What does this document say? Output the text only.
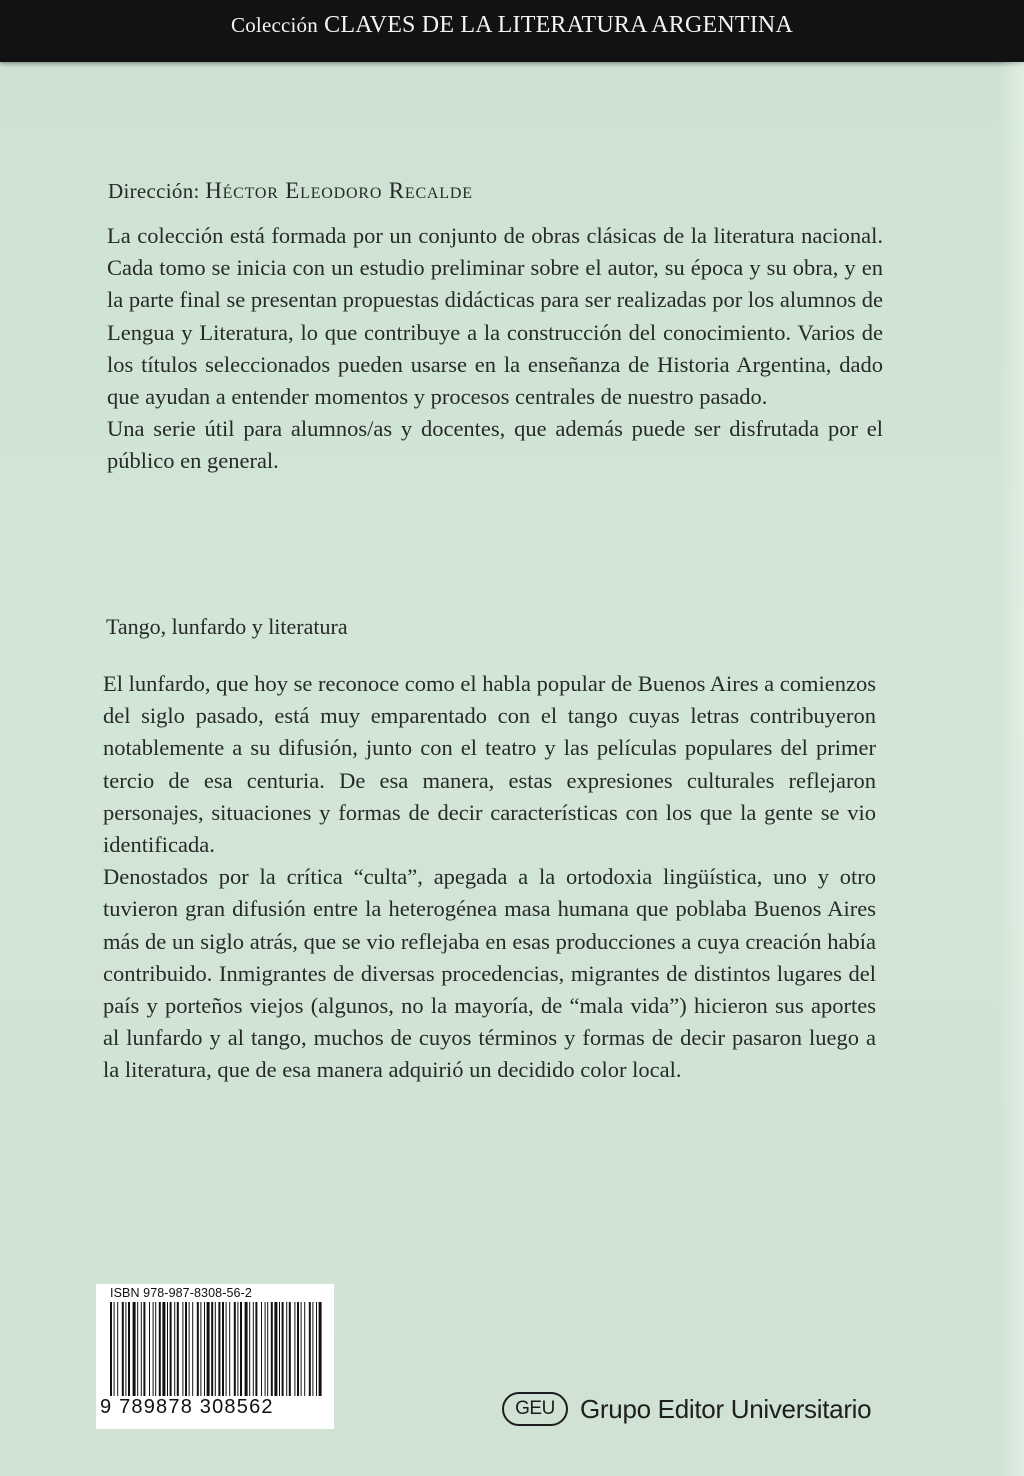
Colección CLAVES DE LA LITERATURA ARGENTINA
Dirección: Héctor Eleodoro Recalde

La colección está formada por un conjunto de obras clásicas de la literatura nacional. Cada tomo se inicia con un estudio preliminar sobre el autor, su época y su obra, y en la parte final se presentan propuestas didácticas para ser realizadas por los alumnos de Lengua y Literatura, lo que contribuye a la construcción del conocimiento. Varios de los títulos seleccionados pueden usarse en la enseñanza de Historia Argentina, dado que ayudan a entender momentos y procesos centrales de nuestro pasado.

Una serie útil para alumnos/as y docentes, que además puede ser disfrutada por el público en general.

Tango, lunfardo y literatura

El lunfardo, que hoy se reconoce como el habla popular de Buenos Aires a comienzos del siglo pasado, está muy emparentado con el tango cuyas letras contribuyeron notablemente a su difusión, junto con el teatro y las películas populares del primer tercio de esa centuria. De esa manera, estas expresiones culturales reflejaron personajes, situaciones y formas de decir características con los que la gente se vio identificada.

Denostados por la crítica “culta”, apegada a la ortodoxia lingüística, uno y otro tuvieron gran difusión entre la heterogénea masa humana que poblaba Buenos Aires más de un siglo atrás, que se vio reflejaba en esas producciones a cuya creación había contribuido. Inmigrantes de diversas procedencias, migrantes de distintos lugares del país y porteños viejos (algunos, no la mayoría, de “mala vida”) hicieron sus aportes al lunfardo y al tango, muchos de cuyos términos y formas de decir pasaron luego a la literatura, que de esa manera adquirió un decidido color local.

ISBN 978-987-8308-56-2
9 789878 308562	GEU Grupo Editor Universitario
